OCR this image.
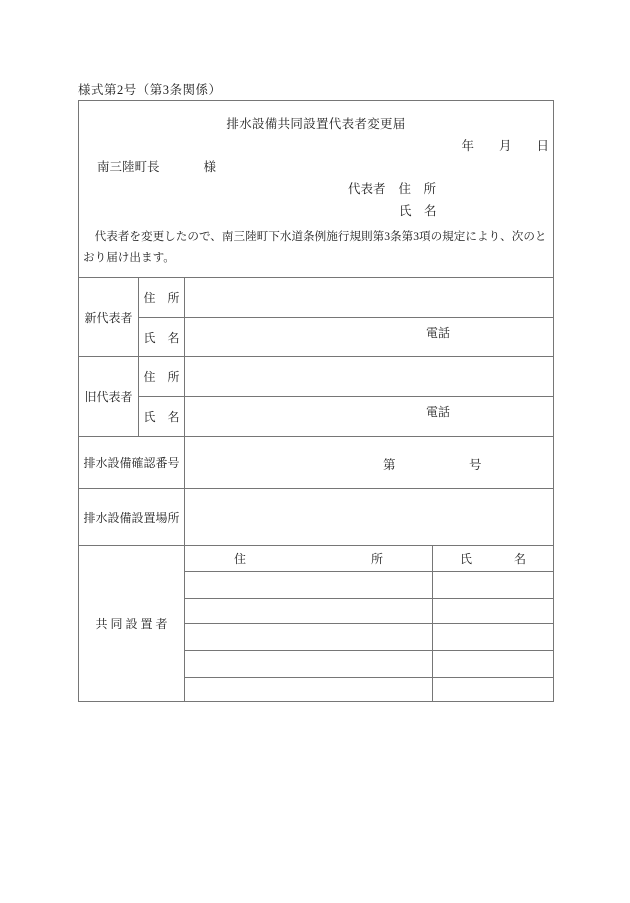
様式第2号（第3条関係）
排水設備共同設置代表者変更届
年　　月　　日
南三陸町長	様
代表者 住　所
氏　名
　代表者を変更したので、南三陸町下水道条例施行規則第3条第3項の規定により、次のと
おり届け出ます。

新代表者	住　所		
	氏　名	電話	

旧代表者	住　所		
	氏　名	電話	

排水設備確認番号		第 号	

排水設備設置場所			
共 同 設 置 者		住 所	氏 名
